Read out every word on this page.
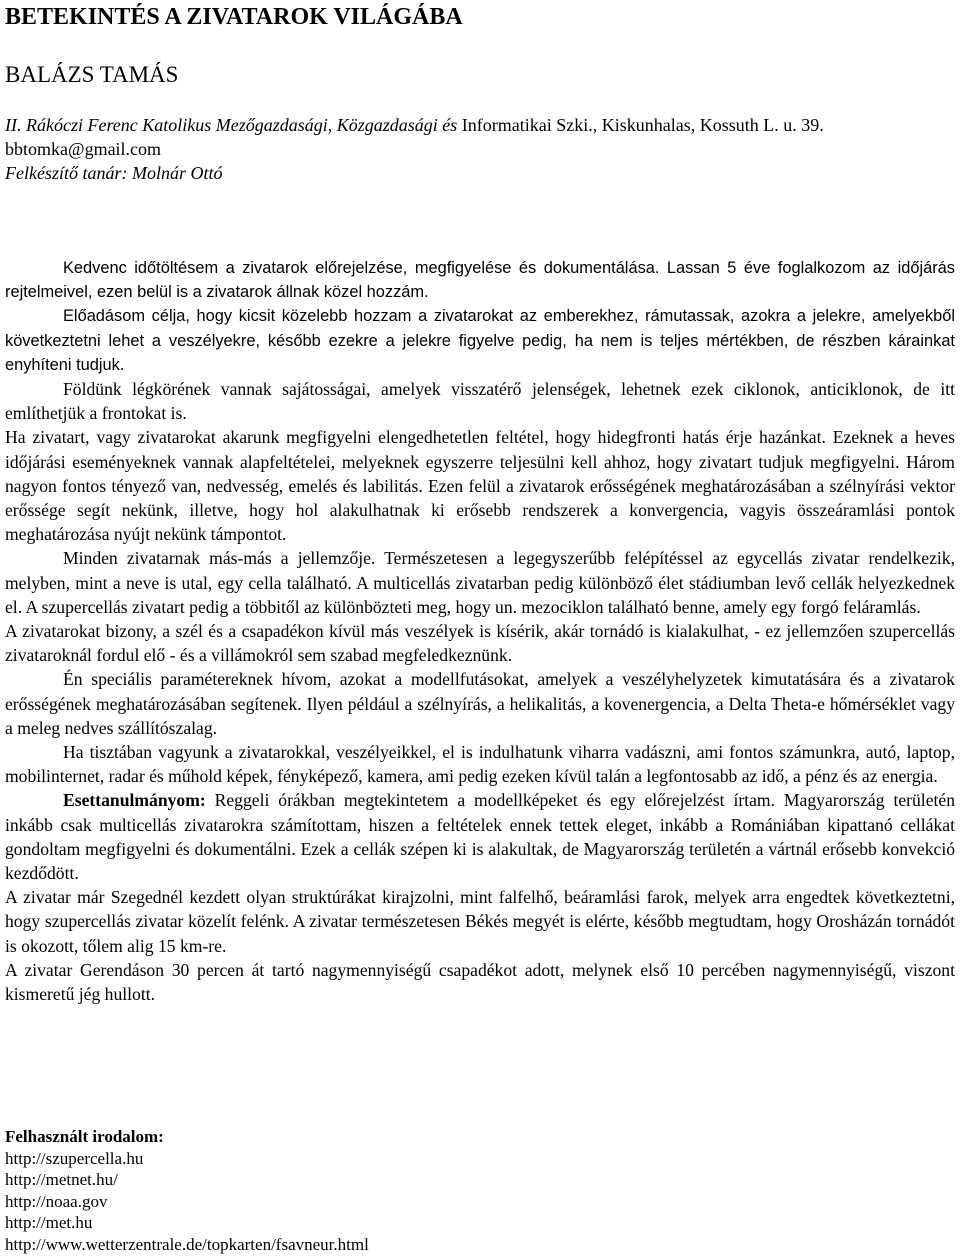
BETEKINTÉS A ZIVATAROK VILÁGÁBA
BALÁZS TAMÁS
II. Rákóczi Ferenc Katolikus Mezőgazdasági, Közgazdasági és Informatikai Szki., Kiskunhalas, Kossuth L. u. 39.
bbtomka@gmail.com
Felkészítő tanár: Molnár Ottó

Kedvenc időtöltésem a zivatarok előrejelzése, megfigyelése és dokumentálása. Lassan 5 éve foglalkozom az időjárás rejtelmeivel, ezen belül is a zivatarok állnak közel hozzám.

Előadásom célja, hogy kicsit közelebb hozzam a zivatarokat az emberekhez, rámutassak, azokra a jelekre, amelyekből következtetni lehet a veszélyekre, később ezekre a jelekre figyelve pedig, ha nem is teljes mértékben, de részben kárainkat enyhíteni tudjuk.

Földünk légkörének vannak sajátosságai, amelyek visszatérő jelenségek, lehetnek ezek ciklonok, anticiklonok, de itt említhetjük a frontokat is.

Ha zivatart, vagy zivatarokat akarunk megfigyelni elengedhetetlen feltétel, hogy hidegfronti hatás érje hazánkat. Ezeknek a heves időjárási eseményeknek vannak alapfeltételei, melyeknek egyszerre teljesülni kell ahhoz, hogy zivatart tudjuk megfigyelni. Három nagyon fontos tényező van, nedvesség, emelés és labilitás. Ezen felül a zivatarok erősségének meghatározásában a szélnyírási vektor erőssége segít nekünk, illetve, hogy hol alakulhatnak ki erősebb rendszerek a konvergencia, vagyis összeáramlási pontok meghatározása nyújt nekünk támpontot.

Minden zivatarnak más-más a jellemzője. Természetesen a legegyszerűbb felépítéssel az egycellás zivatar rendelkezik, melyben, mint a neve is utal, egy cella található. A multicellás zivatarban pedig különböző élet stádiumban levő cellák helyezkednek el. A szupercellás zivatart pedig a többitől az különbözteti meg, hogy un. mezociklon található benne, amely egy forgó feláramlás.

A zivatarokat bizony, a szél és a csapadékon kívül más veszélyek is kísérik, akár tornádó is kialakulhat, - ez jellemzően szupercellás zivataroknál fordul elő - és a villámokról sem szabad megfeledkeznünk.

Én speciális paramétereknek hívom, azokat a modellfutásokat, amelyek a veszélyhelyzetek kimutatására és a zivatarok erősségének meghatározásában segítenek. Ilyen például a szélnyírás, a helikalitás, a kovenergencia, a Delta Theta-e hőmérséklet vagy a meleg nedves szállítószalag.

Ha tisztában vagyunk a zivatarokkal, veszélyeikkel, el is indulhatunk viharra vadászni, ami fontos számunkra, autó, laptop, mobilinternet, radar és műhold képek, fényképező, kamera, ami pedig ezeken kívül talán a legfontosabb az idő, a pénz és az energia.

Esettanulmányom: Reggeli órákban megtekintetem a modellképeket és egy előrejelzést írtam. Magyarország területén inkább csak multicellás zivatarokra számítottam, hiszen a feltételek ennek tettek eleget, inkább a Romániában kipattanó cellákat gondoltam megfigyelni és dokumentálni. Ezek a cellák szépen ki is alakultak, de Magyarország területén a vártnál erősebb konvekció kezdődött.

A zivatar már Szegednél kezdett olyan struktúrákat kirajzolni, mint falfelhő, beáramlási farok, melyek arra engedtek következtetni, hogy szupercellás zivatar közelít felénk. A zivatar természetesen Békés megyét is elérte, később megtudtam, hogy Orosházán tornádót is okozott, tőlem alig 15 km-re.

A zivatar Gerendáson 30 percen át tartó nagymennyiségű csapadékot adott, melynek első 10 percében nagymennyiségű, viszont kismeretű jég hullott.

Felhasznált irodalom:
http://szupercella.hu
http://metnet.hu/
http://noaa.gov
http://met.hu
http://www.wetterzentrale.de/topkarten/fsavneur.html
